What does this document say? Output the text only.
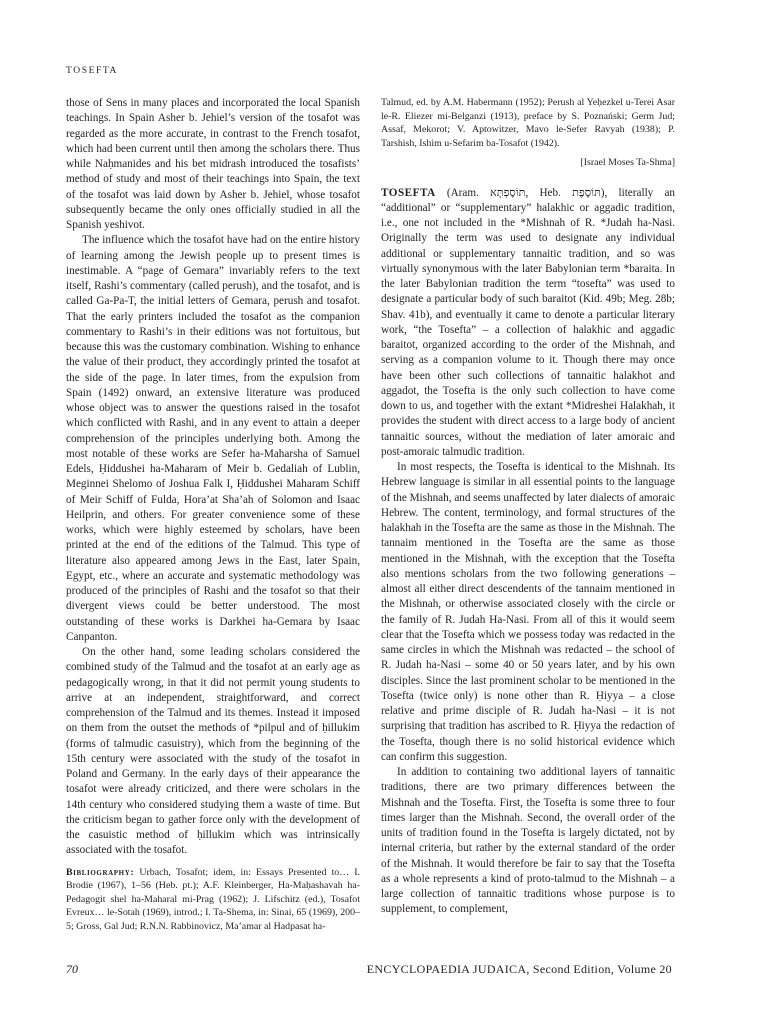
TOSEFTA

those of Sens in many places and incorporated the local Spanish teachings. In Spain Asher b. Jehiel’s version of the tosafot was regarded as the more accurate, in contrast to the French tosafot, which had been current until then among the scholars there. Thus while Naḥmanides and his bet midrash introduced the tosafists’ method of study and most of their teachings into Spain, the text of the tosafot was laid down by Asher b. Jehiel, whose tosafot subsequently became the only ones officially studied in all the Spanish yeshivot.

The influence which the tosafot have had on the entire history of learning among the Jewish people up to present times is inestimable. A “page of Gemara” invariably refers to the text itself, Rashi’s commentary (called perush), and the tosafot, and is called Ga-Pa-T, the initial letters of Gemara, perush and tosafot. That the early printers included the tosafot as the companion commentary to Rashi’s in their editions was not fortuitous, but because this was the customary combination. Wishing to enhance the value of their product, they accordingly printed the tosafot at the side of the page. In later times, from the expulsion from Spain (1492) onward, an extensive literature was produced whose object was to answer the questions raised in the tosafot which conflicted with Rashi, and in any event to attain a deeper comprehension of the principles underlying both. Among the most notable of these works are Sefer ha-Maharsha of Samuel Edels, Ḥiddushei ha-Maharam of Meir b. Gedaliah of Lublin, Meginnei Shelomo of Joshua Falk I, Ḥiddushei Maharam Schiff of Meir Schiff of Fulda, Hora’at Sha’ah of Solomon and Isaac Heilprin, and others. For greater convenience some of these works, which were highly esteemed by scholars, have been printed at the end of the editions of the Talmud. This type of literature also appeared among Jews in the East, later Spain, Egypt, etc., where an accurate and systematic methodology was produced of the principles of Rashi and the tosafot so that their divergent views could be better understood. The most outstanding of these works is Darkhei ha-Gemara by Isaac Canpanton.

On the other hand, some leading scholars considered the combined study of the Talmud and the tosafot at an early age as pedagogically wrong, in that it did not permit young students to arrive at an independent, straightforward, and correct comprehension of the Talmud and its themes. Instead it imposed on them from the outset the methods of *pilpul and of ḥillukim (forms of talmudic casuistry), which from the beginning of the 15th century were associated with the study of the tosafot in Poland and Germany. In the early days of their appearance the tosafot were already criticized, and there were scholars in the 14th century who considered studying them a waste of time. But the criticism began to gather force only with the development of the casuistic method of ḥillukim which was intrinsically associated with the tosafot.

Bibliography: Urbach, Tosafot; idem, in: Essays Presented to… I. Brodie (1967), 1–56 (Heb. pt.); A.F. Kleinberger, Ha-Maḥashavah ha-Pedagogit shel ha-Maharal mi-Prag (1962); J. Lifschitz (ed.), Tosafot Evreux… le-Sotah (1969), introd.; I. Ta-Shema, in: Sinai, 65 (1969), 200–5; Gross, Gal Jud; R.N.N. Rabbinovicz, Ma’amar al Hadpasat ha-

Talmud, ed. by A.M. Habermann (1952); Perush al Yeḥezkel u-Terei Asar le-R. Eliezer mi-Belganzi (1913), preface by S. Poznański; Germ Jud; Assaf, Mekorot; V. Aptowitzer, Mavo le-Sefer Ravyah (1938); P. Tarshish, Ishim u-Sefarim ba-Tosafot (1942).

[Israel Moses Ta-Shma]

TOSEFTA (Aram. תּוֹסֶפְתָּא, Heb. תּוֹסֶפֶת), literally an “additional” or “supplementary” halakhic or aggadic tradition, i.e., one not included in the *Mishnah of R. *Judah ha-Nasi. Originally the term was used to designate any individual additional or supplementary tannaitic tradition, and so was virtually synonymous with the later Babylonian term *baraita. In the later Babylonian tradition the term “tosefta” was used to designate a particular body of such baraitot (Kid. 49b; Meg. 28b; Shav. 41b), and eventually it came to denote a particular literary work, “the Tosefta” – a collection of halakhic and aggadic baraitot, organized according to the order of the Mishnah, and serving as a companion volume to it. Though there may once have been other such collections of tannaitic halakhot and aggadot, the Tosefta is the only such collection to have come down to us, and together with the extant *Midreshei Halakhah, it provides the student with direct access to a large body of ancient tannaitic sources, without the mediation of later amoraic and post-amoraic talmudic tradition.

In most respects, the Tosefta is identical to the Mishnah. Its Hebrew language is similar in all essential points to the language of the Mishnah, and seems unaffected by later dialects of amoraic Hebrew. The content, terminology, and formal structures of the halakhah in the Tosefta are the same as those in the Mishnah. The tannaim mentioned in the Tosefta are the same as those mentioned in the Mishnah, with the exception that the Tosefta also mentions scholars from the two following generations – almost all either direct descendents of the tannaim mentioned in the Mishnah, or otherwise associated closely with the circle or the family of R. Judah Ha-Nasi. From all of this it would seem clear that the Tosefta which we possess today was redacted in the same circles in which the Mishnah was redacted – the school of R. Judah ha-Nasi – some 40 or 50 years later, and by his own disciples. Since the last prominent scholar to be mentioned in the Tosefta (twice only) is none other than R. Ḥiyya – a close relative and prime disciple of R. Judah ha-Nasi – it is not surprising that tradition has ascribed to R. Ḥiyya the redaction of the Tosefta, though there is no solid historical evidence which can confirm this suggestion.

In addition to containing two additional layers of tannaitic traditions, there are two primary differences between the Mishnah and the Tosefta. First, the Tosefta is some three to four times larger than the Mishnah. Second, the overall order of the units of tradition found in the Tosefta is largely dictated, not by internal criteria, but rather by the external standard of the order of the Mishnah. It would therefore be fair to say that the Tosefta as a whole represents a kind of proto-talmud to the Mishnah – a large collection of tannaitic traditions whose purpose is to supplement, to complement,

70	ENCYCLOPAEDIA JUDAICA, Second Edition, Volume 20
